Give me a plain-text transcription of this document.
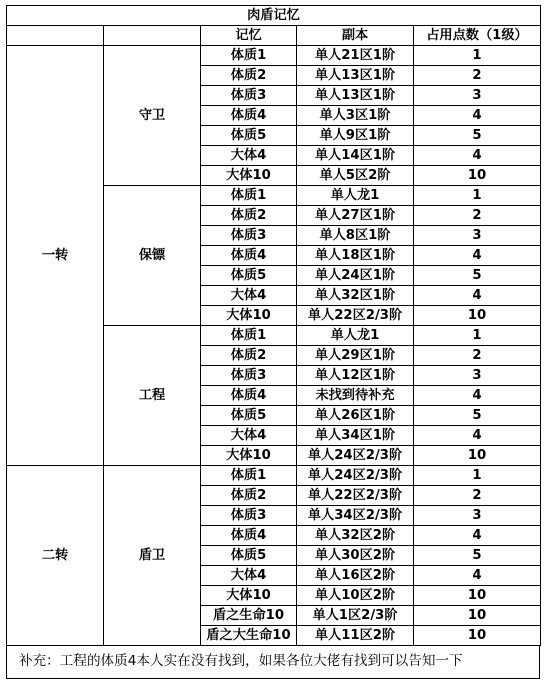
肉盾记忆				
		记忆	副本	占用点数（1级）
一转	守卫	体质1	单人21区1阶	1
		体质2	单人13区1阶	2
		体质3	单人13区1阶	3
		体质4	单人3区1阶	4
		体质5	单人9区1阶	5
		大体4	单人14区1阶	4
		大体10	单人5区2阶	10
	保镖	体质1	单人龙1	1
		体质2	单人27区1阶	2
		体质3	单人8区1阶	3
		体质4	单人18区1阶	4
		体质5	单人24区1阶	5
		大体4	单人32区1阶	4
		大体10	单人22区2/3阶	10
	工程	体质1	单人龙1	1
		体质2	单人29区1阶	2
		体质3	单人12区1阶	3
		体质4	未找到待补充	4
		体质5	单人26区1阶	5
		大体4	单人34区1阶	4
		大体10	单人24区2/3阶	10
二转	盾卫	体质1	单人24区2/3阶	1
		体质2	单人22区2/3阶	2
		体质3	单人34区2/3阶	3
		体质4	单人32区2阶	4
		体质5	单人30区2阶	5
		大体4	单人16区2阶	4
		大体10	单人10区2阶	10
		盾之生命10	单人1区2/3阶	10
		盾之大生命10	单人11区2阶	10
补充：工程的体质4本人实在没有找到，如果各位大佬有找到可以告知一下
